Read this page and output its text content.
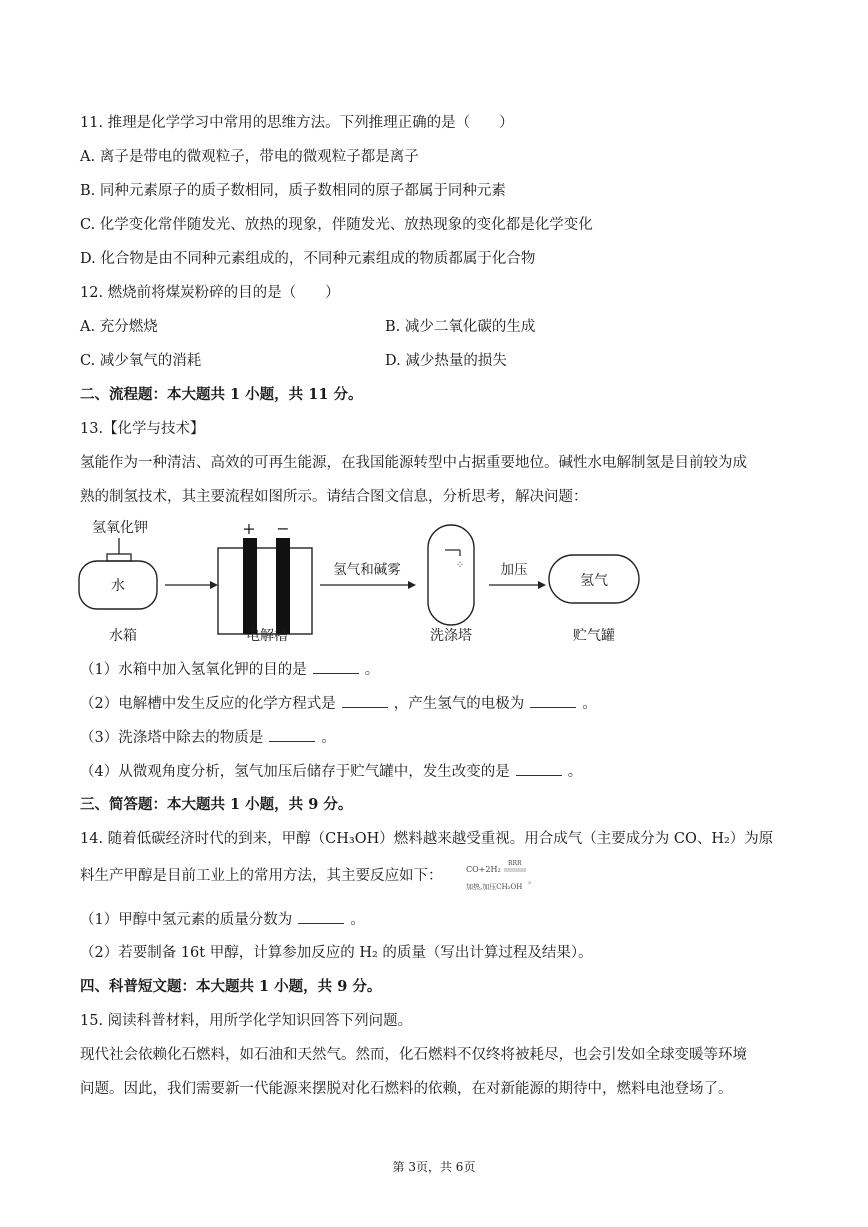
11. 推理是化学学习中常用的思维方法。下列推理正确的是（　　）
A. 离子是带电的微观粒子，带电的微观粒子都是离子
B. 同种元素原子的质子数相同，质子数相同的原子都属于同种元素
C. 化学变化常伴随发光、放热的现象，伴随发光、放热现象的变化都是化学变化
D. 化合物是由不同种元素组成的，不同种元素组成的物质都属于化合物
12. 燃烧前将煤炭粉碎的目的是（　　）
A. 充分燃烧	B. 减少二氧化碳的生成
C. 减少氧气的消耗	D. 减少热量的损失
二、流程题：本大题共 1 小题，共 11 分。
13.【化学与技术】
氢能作为一种清洁、高效的可再生能源，在我国能源转型中占据重要地位。碱性水电解制氢是目前较为成
熟的制氢技术，其主要流程如图所示。请结合图文信息，分析思考，解决问题：
氢氧化钾
水
+ −
氢气和碱雾	⁘	加压
氢气
水箱	电解槽	洗涤塔	贮气罐
（1）水箱中加入氢氧化钾的目的是	。
（2）电解槽中发生反应的化学方程式是	，产生氢气的电极为	。
（3）洗涤塔中除去的物质是	。
（4）从微观角度分析，氢气加压后储存于贮气罐中，发生改变的是	。
三、简答题：本大题共 1 小题，共 9 分。
14. 随着低碳经济时代的到来，甲醇（CH₃OH）燃料越来越受重视。用合成气（主要成分为 CO、H₂）为原
料生产甲醇是目前工业上的常用方法，其主要反应如下：	CO+2H₂
RRR
加热,加压CH₃OH
。
（1）甲醇中氢元素的质量分数为	。
（2）若要制备 16t 甲醇，计算参加反应的 H₂ 的质量（写出计算过程及结果）。
四、科普短文题：本大题共 1 小题，共 9 分。
15. 阅读科普材料，用所学化学知识回答下列问题。
现代社会依赖化石燃料，如石油和天然气。然而，化石燃料不仅终将被耗尽，也会引发如全球变暖等环境
问题。因此，我们需要新一代能源来摆脱对化石燃料的依赖，在对新能源的期待中，燃料电池登场了。
第 3页，共 6页
